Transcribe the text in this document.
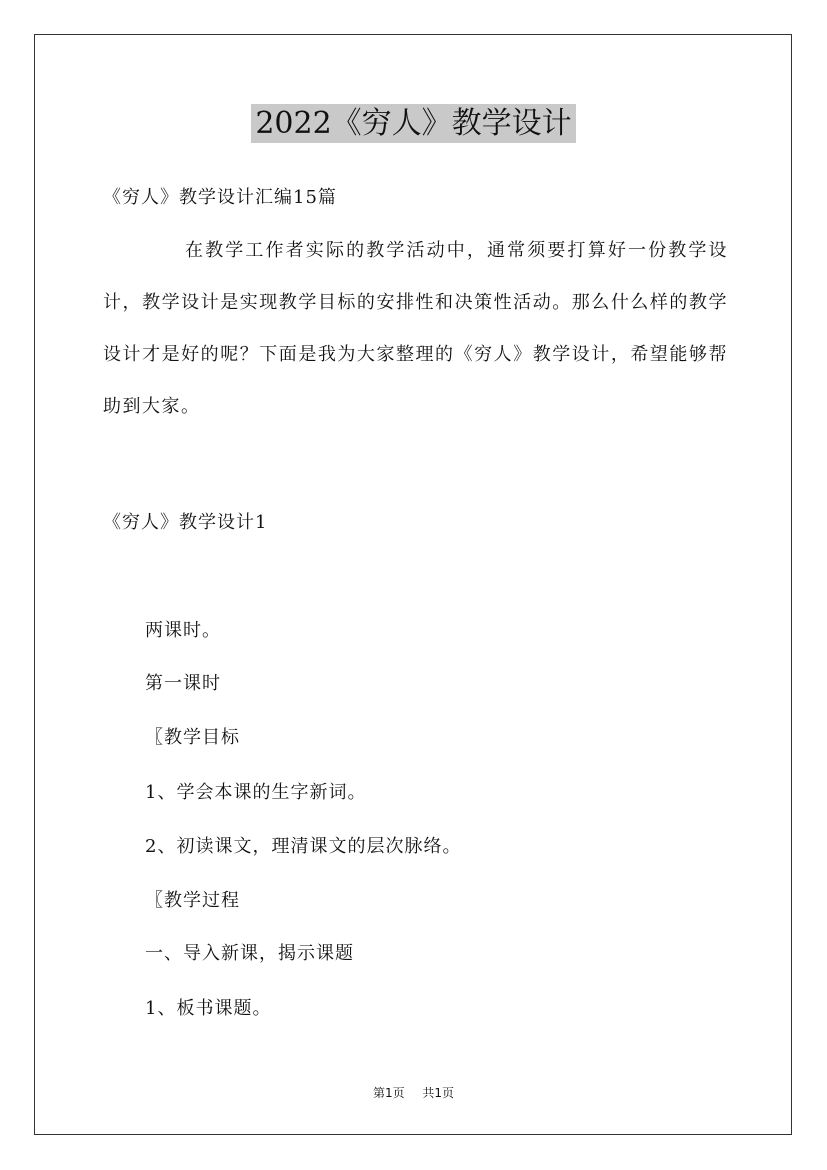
2022《穷人》教学设计
《穷人》教学设计汇编15篇
在教学工作者实际的教学活动中，通常须要打算好一份教学设计，教学设计是实现教学目标的安排性和决策性活动。那么什么样的教学设计才是好的呢？下面是我为大家整理的《穷人》教学设计，希望能够帮助到大家。
《穷人》教学设计1
两课时。
第一课时
〖教学目标
1、学会本课的生字新词。
2、初读课文，理清课文的层次脉络。
〖教学过程
一、导入新课，揭示课题
1、板书课题。
第1页 共1页
